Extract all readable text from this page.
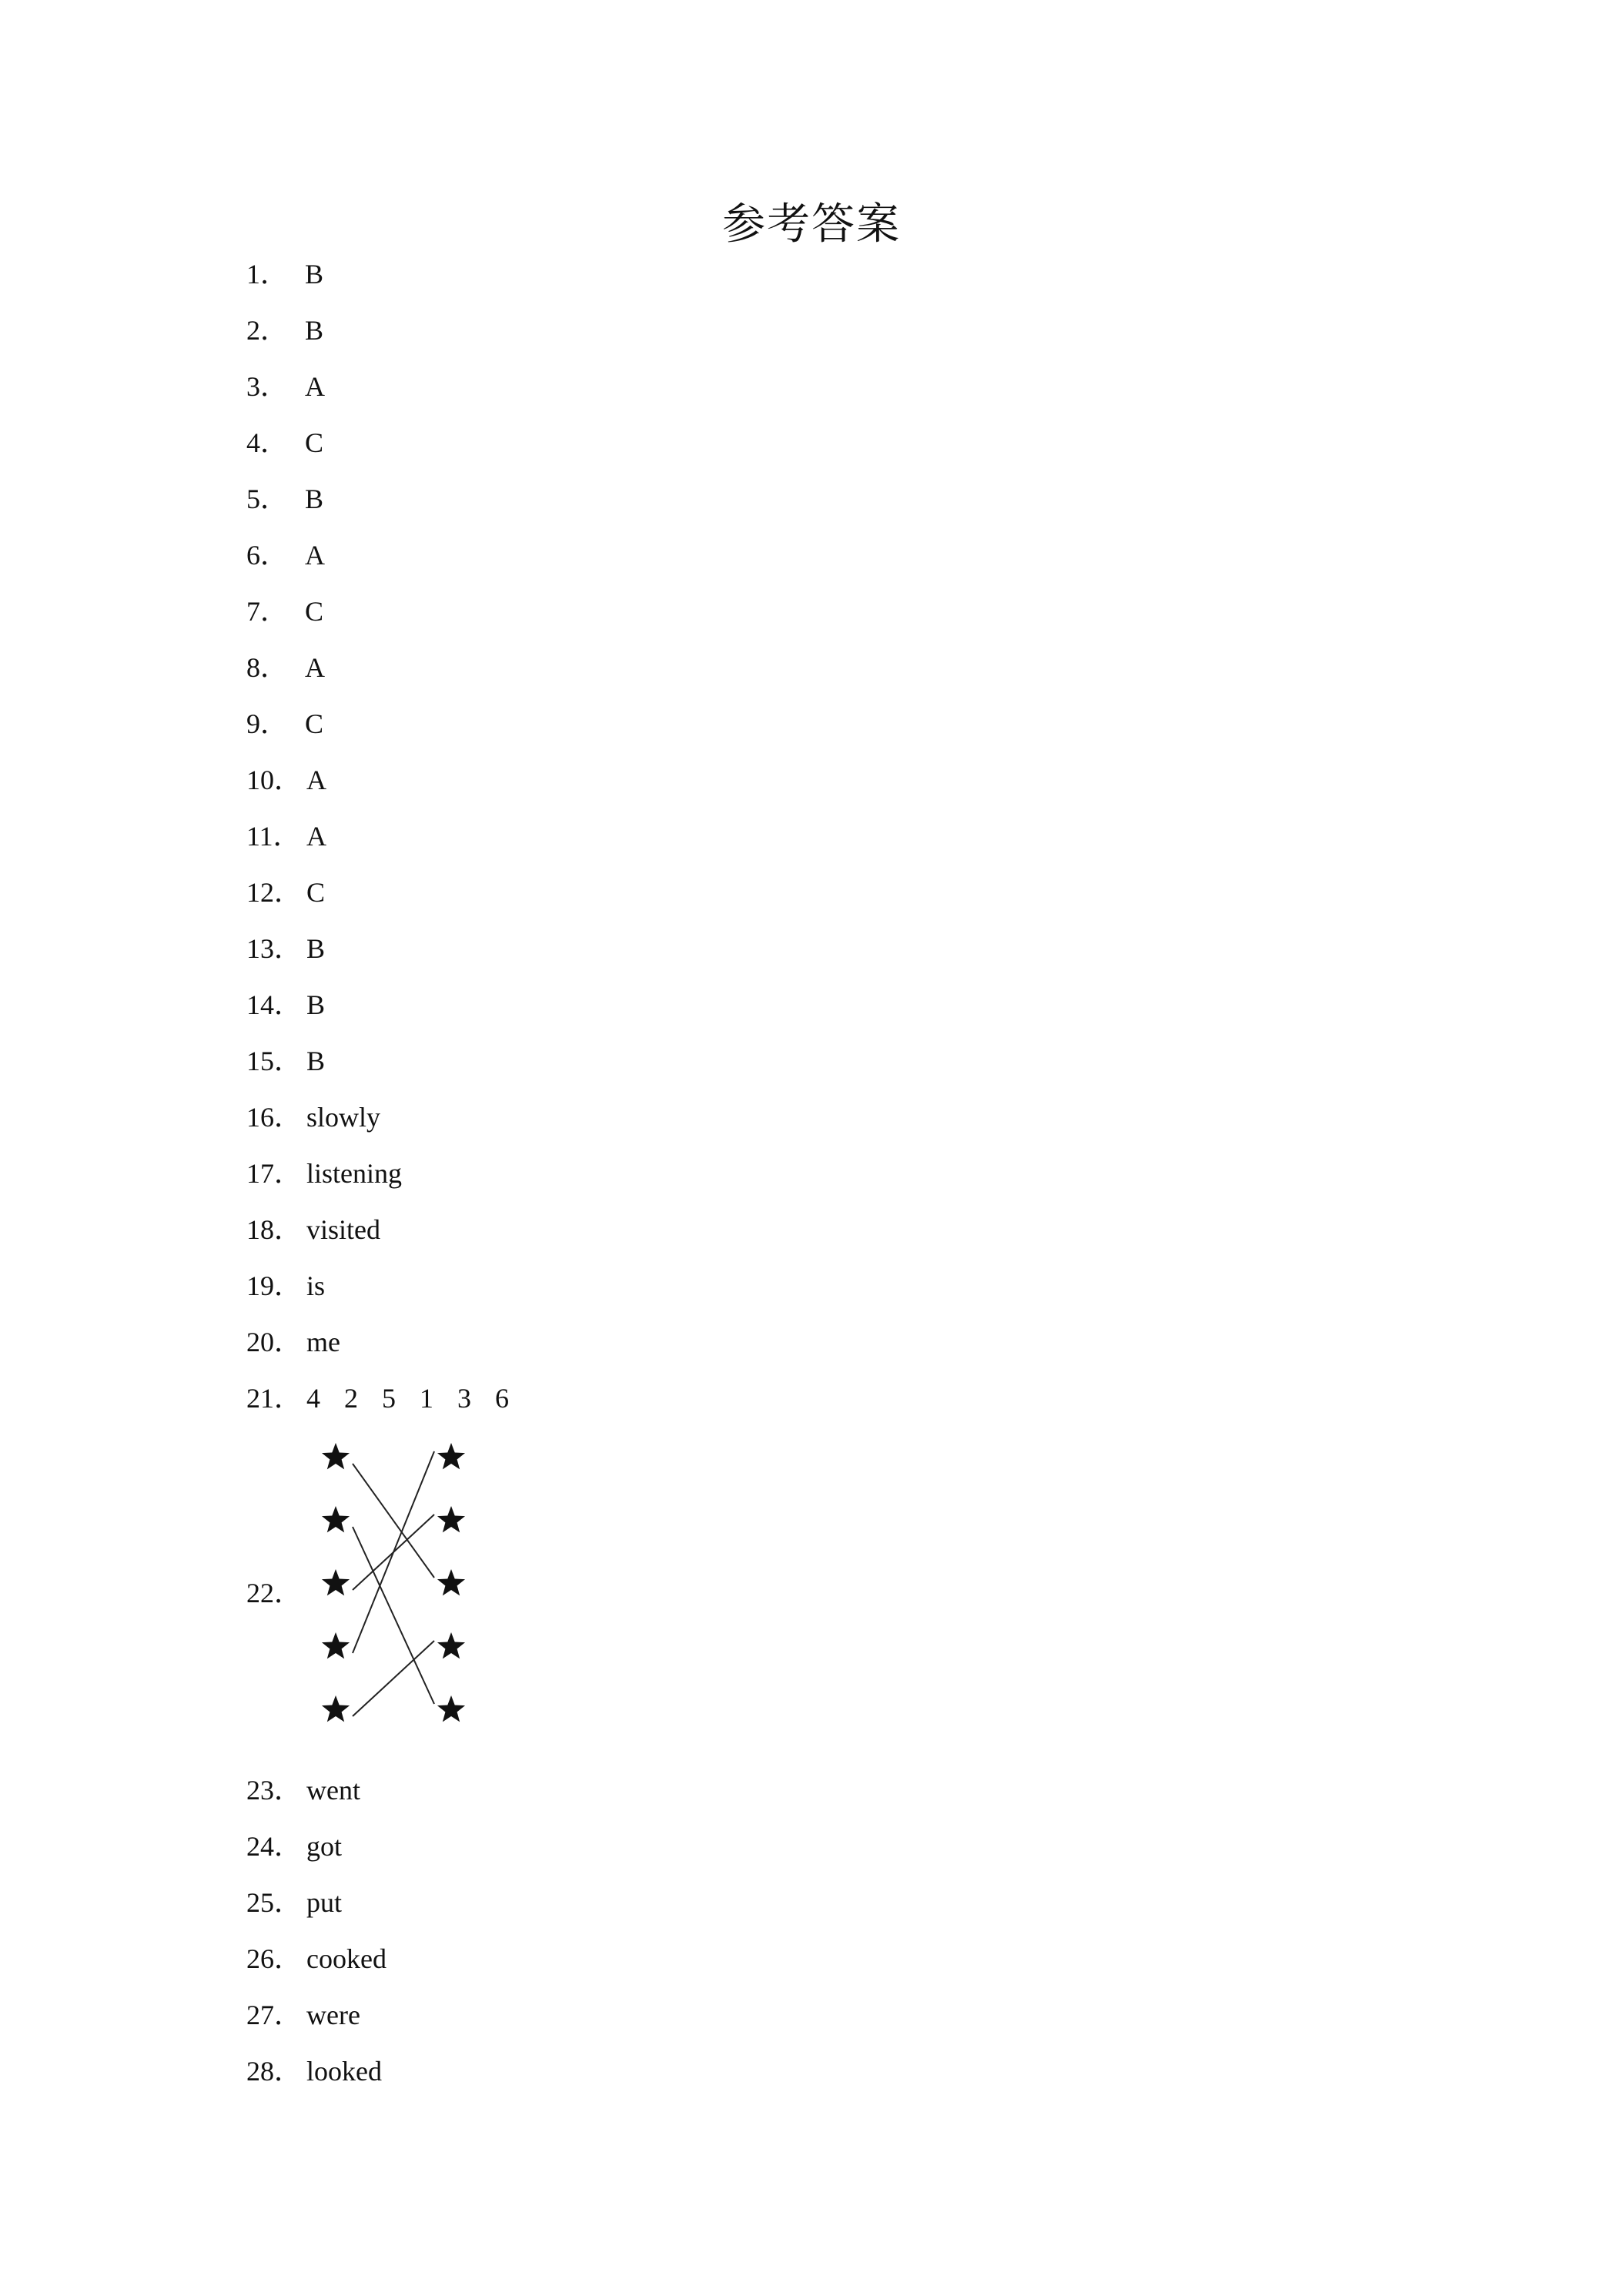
参考答案
1． B
2． B
3． A
4． C
5． B
6． A
7． C
8． A
9． C
10． A
11． A
12． C
13． B
14． B
15． B
16． slowly
17． listening
18． visited
19． is
20． me
21． 4 2 5 1 3 6
22．
23． went
24． got
25． put
26． cooked
27． were
28． looked
